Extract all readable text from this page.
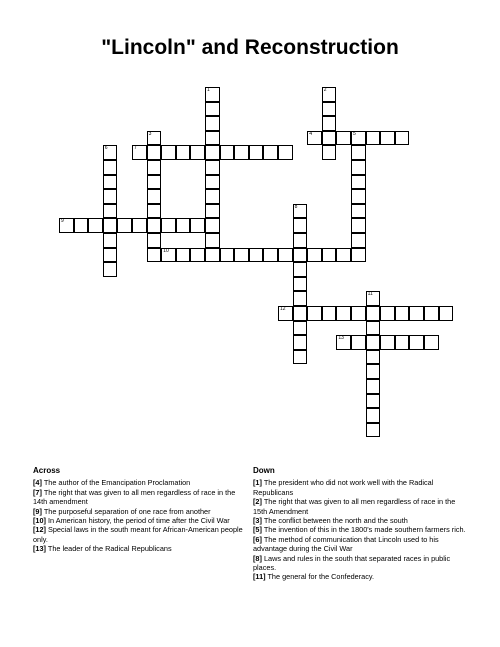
"Lincoln" and Reconstruction
1	2
3	4	5
6	7
8
9
10
11
12
13
Across

[4] The author of the Emancipation Proclamation

[7] The right that was given to all men regardless of race in the 14th amendment

[9] The purposeful separation of one race from another

[10] In American history, the period of time after the Civil War

[12] Special laws in the south meant for African-American people only.

[13] The leader of the Radical Republicans

Down

[1] The president who did not work well with the Radical Republicans

[2] The right that was given to all men regardless of race in the 15th Amendment

[3] The conflict between the north and the south

[5] The invention of this in the 1800's made southern farmers rich.

[6] The method of communication that Lincoln used to his advantage during the Civil War

[8] Laws and rules in the south that separated races in public places.

[11] The general for the Confederacy.
